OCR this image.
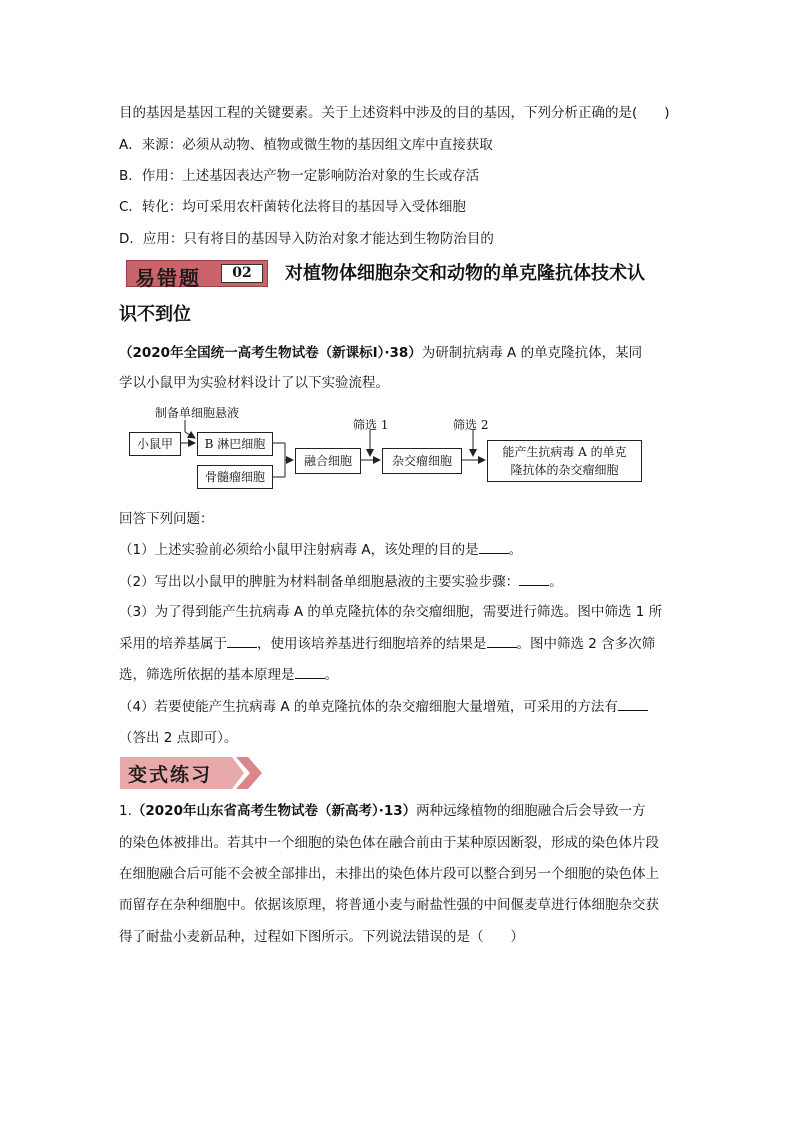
目的基因是基因工程的关键要素。关于上述资料中涉及的目的基因，下列分析正确的是(　　)
A．来源：必须从动物、植物或微生物的基因组文库中直接获取
B．作用：上述基因表达产物一定影响防治对象的生长或存活
C．转化：均可采用农杆菌转化法将目的基因导入受体细胞
D．应用：只有将目的基因导入防治对象才能达到生物防治目的
易错题	02	对植物体细胞杂交和动物的单克隆抗体技术认
识不到位
（2020年全国统一高考生物试卷（新课标Ⅰ）·38）为研制抗病毒 A 的单克隆抗体，某同
学以小鼠甲为实验材料设计了以下实验流程。
制备单细胞悬液
小鼠甲	B 淋巴细胞
骨髓瘤细胞
融合细胞
筛选 1
杂交瘤细胞
筛选 2
能产生抗病毒 A 的单克
隆抗体的杂交瘤细胞
回答下列问题：
（1）上述实验前必须给小鼠甲注射病毒 A，该处理的目的是 。
（2）写出以小鼠甲的脾脏为材料制备单细胞悬液的主要实验步骤： 。
（3）为了得到能产生抗病毒 A 的单克隆抗体的杂交瘤细胞，需要进行筛选。图中筛选 1 所
采用的培养基属于 ，使用该培养基进行细胞培养的结果是 。图中筛选 2 含多次筛
选，筛选所依据的基本原理是 。
（4）若要使能产生抗病毒 A 的单克隆抗体的杂交瘤细胞大量增殖，可采用的方法有
（答出 2 点即可）。
变式练习
1.（2020年山东省高考生物试卷（新高考）·13）两种远缘植物的细胞融合后会导致一方
的染色体被排出。若其中一个细胞的染色体在融合前由于某种原因断裂，形成的染色体片段
在细胞融合后可能不会被全部排出，未排出的染色体片段可以整合到另一个细胞的染色体上
而留存在杂种细胞中。依据该原理，将普通小麦与耐盐性强的中间偃麦草进行体细胞杂交获
得了耐盐小麦新品种，过程如下图所示。下列说法错误的是（　　）
